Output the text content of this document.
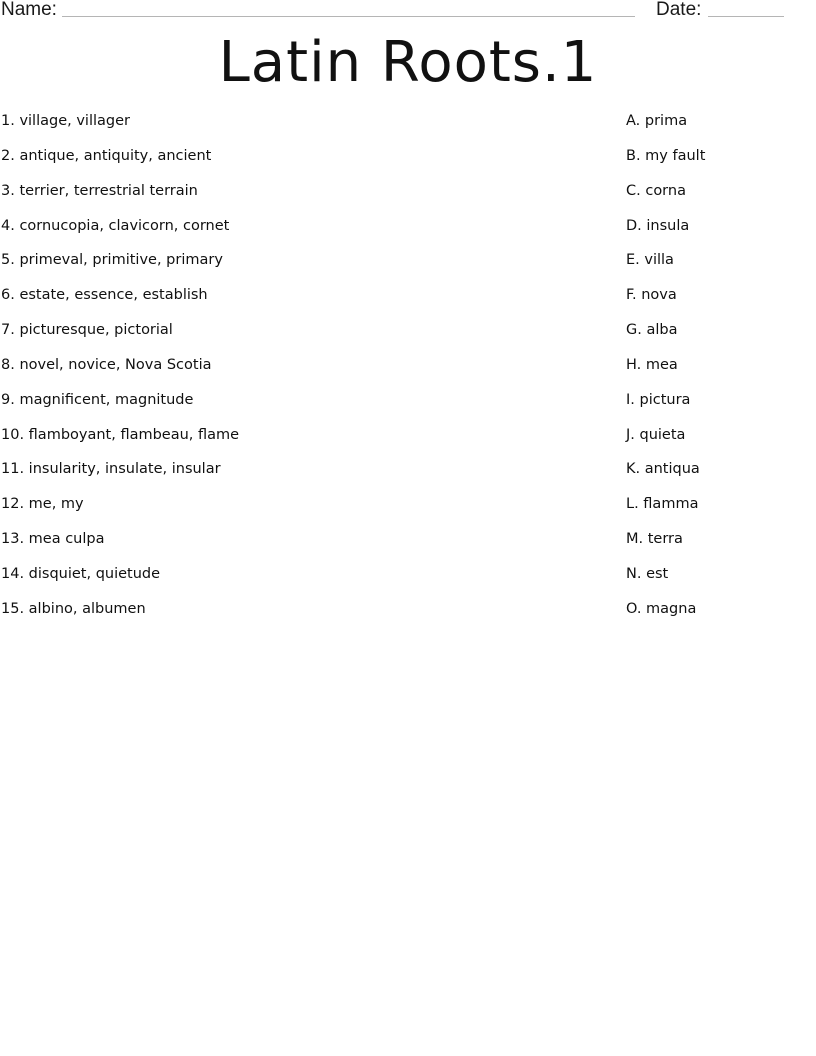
Name:	Date:
Latin Roots.1
1. village, villager
2. antique, antiquity, ancient
3. terrier, terrestrial terrain
4. cornucopia, clavicorn, cornet
5. primeval, primitive, primary
6. estate, essence, establish
7. picturesque, pictorial
8. novel, novice, Nova Scotia
9. magnificent, magnitude
10. flamboyant, flambeau, flame
11. insularity, insulate, insular
12. me, my
13. mea culpa
14. disquiet, quietude
15. albino, albumen
A. prima
B. my fault
C. corna
D. insula
E. villa
F. nova
G. alba
H. mea
I. pictura
J. quieta
K. antiqua
L. flamma
M. terra
N. est
O. magna
